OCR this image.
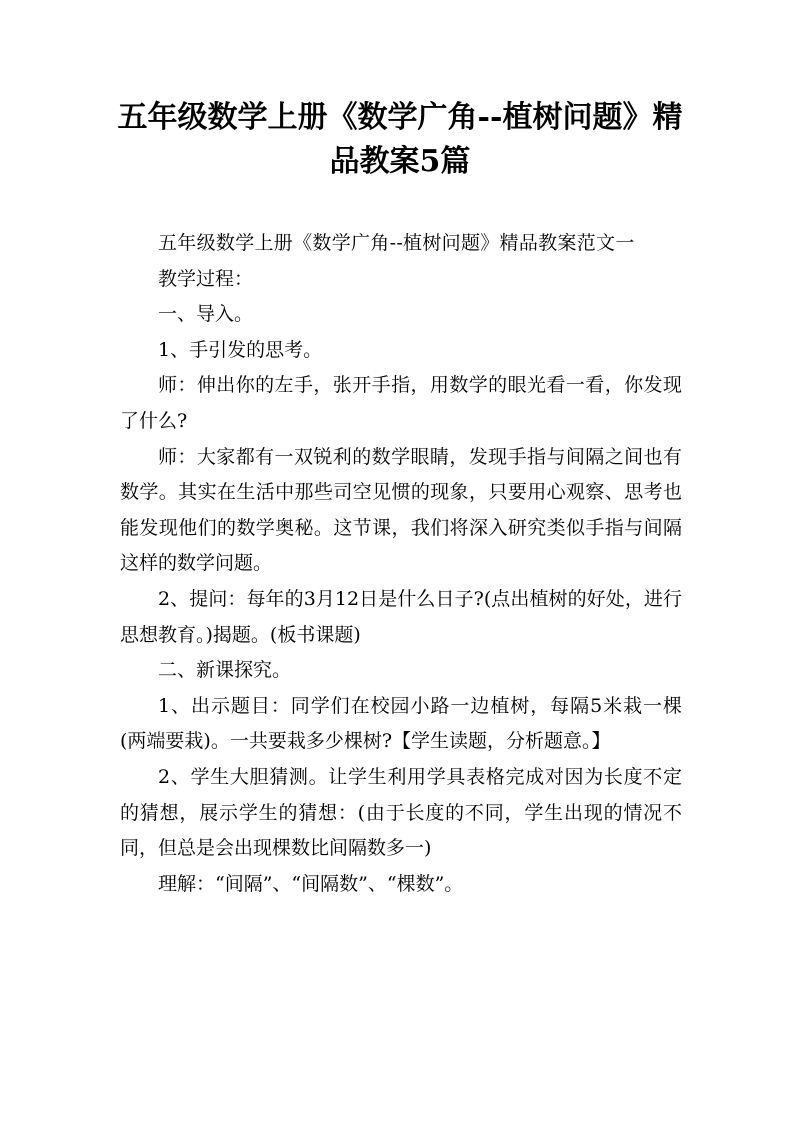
五年级数学上册《数学广角--植树问题》精
品教案5篇

五年级数学上册《数学广角--植树问题》精品教案范文一

教学过程：

一、导入。

1、手引发的思考。

师：伸出你的左手，张开手指，用数学的眼光看一看，你发现了什么?

师：大家都有一双锐利的数学眼睛，发现手指与间隔之间也有数学。其实在生活中那些司空见惯的现象，只要用心观察、思考也能发现他们的数学奥秘。这节课，我们将深入研究类似手指与间隔这样的数学问题。

2、提问：每年的3月12日是什么日子?(点出植树的好处，进行思想教育。)揭题。(板书课题)

二、新课探究。

1、出示题目：同学们在校园小路一边植树，每隔5米栽一棵(两端要栽)。一共要栽多少棵树?【学生读题，分析题意。】

2、学生大胆猜测。让学生利用学具表格完成对因为长度不定的猜想，展示学生的猜想：(由于长度的不同，学生出现的情况不同，但总是会出现棵数比间隔数多一)

理解：“间隔”、“间隔数”、“棵数”。
